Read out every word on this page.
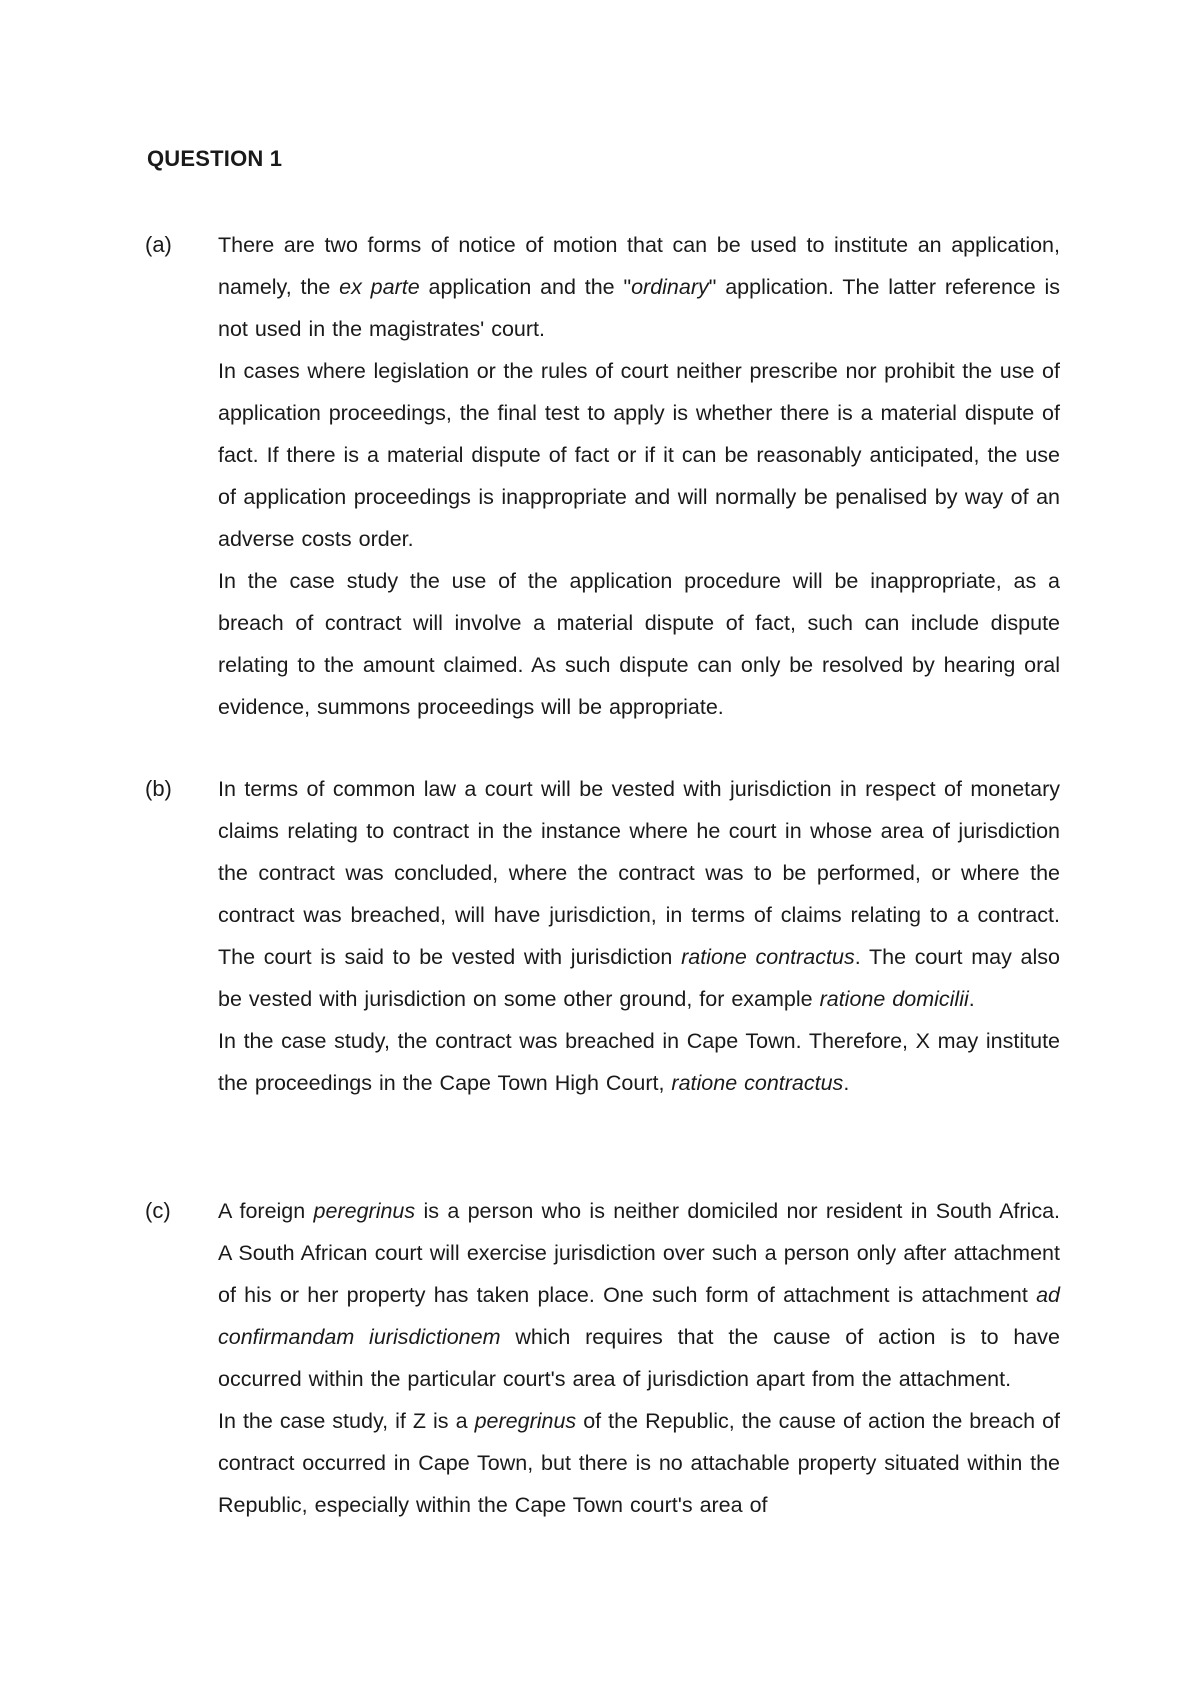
QUESTION 1
(a) There are two forms of notice of motion that can be used to institute an application, namely, the ex parte application and the "ordinary" application. The latter reference is not used in the magistrates' court.

In cases where legislation or the rules of court neither prescribe nor prohibit the use of application proceedings, the final test to apply is whether there is a material dispute of fact. If there is a material dispute of fact or if it can be reasonably anticipated, the use of application proceedings is inappropriate and will normally be penalised by way of an adverse costs order.

In the case study the use of the application procedure will be inappropriate, as a breach of contract will involve a material dispute of fact, such can include dispute relating to the amount claimed. As such dispute can only be resolved by hearing oral evidence, summons proceedings will be appropriate.

(b) In terms of common law a court will be vested with jurisdiction in respect of monetary claims relating to contract in the instance where he court in whose area of jurisdiction the contract was concluded, where the contract was to be performed, or where the contract was breached, will have jurisdiction, in terms of claims relating to a contract. The court is said to be vested with jurisdiction ratione contractus. The court may also be vested with jurisdiction on some other ground, for example ratione domicilii.

In the case study, the contract was breached in Cape Town. Therefore, X may institute the proceedings in the Cape Town High Court, ratione contractus.

(c) A foreign peregrinus is a person who is neither domiciled nor resident in South Africa. A South African court will exercise jurisdiction over such a person only after attachment of his or her property has taken place. One such form of attachment is attachment ad confirmandam iurisdictionem which requires that the cause of action is to have occurred within the particular court's area of jurisdiction apart from the attachment.

In the case study, if Z is a peregrinus of the Republic, the cause of action the breach of contract occurred in Cape Town, but there is no attachable property situated within the Republic, especially within the Cape Town court's area of
